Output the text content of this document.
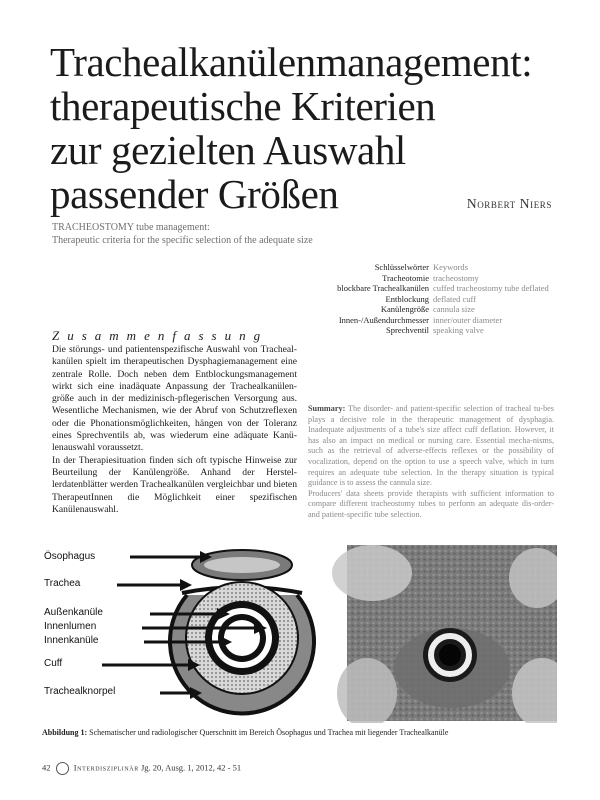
Trachealkanülenmanagement:
therapeutische Kriterien
zur gezielten Auswahl
passender Größen	Norbert Niers
TRACHEOSTOMY tube management:
Therapeutic criteria for the specific selection of the adequate size
Schlüsselwörter
Tracheotomie
blockbare Trachealkanülen
Entblockung
Kanülengröße
Innen-/Außendurchmesser
Sprechventil
Keywords
tracheostomy
cuffed tracheostomy tube deflated
deflated cuff
cannula size
inner/outer diameter
speaking valve
Zusammenfassung

Die störungs- und patientenspezifische Auswahl von Tracheal-kanülen spielt im therapeutischen Dysphagiemanagement eine zentrale Rolle. Doch neben dem Entblockungsmanagement wirkt sich eine inadäquate Anpassung der Trachealkanülen-größe auch in der medizinisch-pflegerischen Versorgung aus. Wesentliche Mechanismen, wie der Abruf von Schutzreflexen oder die Phonationsmöglichkeiten, hängen von der Toleranz eines Sprechventils ab, was wiederum eine adäquate Kanü-lenauswahl voraussetzt.

In der Therapiesituation finden sich oft typische Hinweise zur Beurteilung der Kanülengröße. Anhand der Herstel-lerdatenblätter werden Trachealkanülen vergleichbar und bieten TherapeutInnen die Möglichkeit einer spezifischen Kanülenauswahl.

Summary: The disorder- and patient-specific selection of tracheal tu-bes plays a decisive role in the therapeutic management of dysphagia. Inadequate adjustments of a tube's size affect cuff deflation. However, it has also an impact on medical or nursing care. Essential mecha-nisms, such as the retrieval of adverse-effects reflexes or the possibility of vocalization, depend on the option to use a speech valve, which in turn requires an adequate tube selection. In the therapy situation is typical guidance is to assess the cannula size.

Producers' data sheets provide therapists with sufficient information to compare different tracheostomy tubes to perform an adequate dis-order- and patient-specific tube selection.

Ösophagus
Trachea
Außenkanüle
Innenlumen
Innenkanüle
Cuff
Trachealknorpel
Abbildung 1: Schematischer und radiologischer Querschnitt im Bereich Ösophagus und Trachea mit liegender Trachealkanüle
42	Interdisziplinär Jg. 20, Ausg. 1, 2012, 42 - 51
